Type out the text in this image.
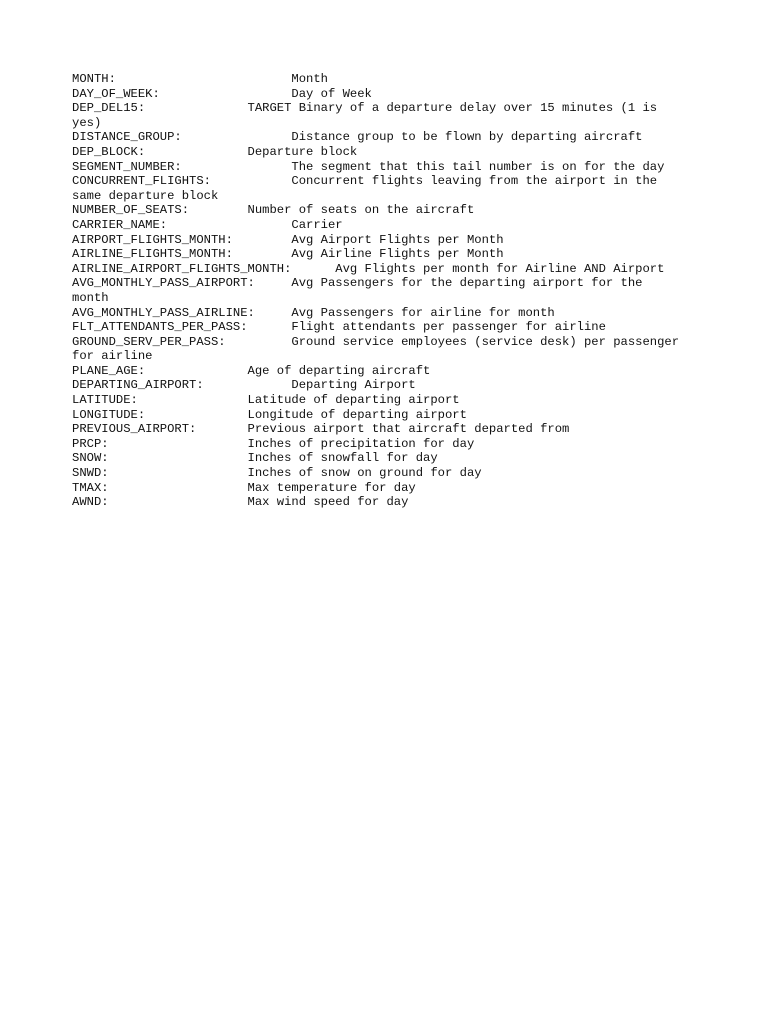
MONTH:                        Month
DAY_OF_WEEK:                  Day of Week
DEP_DEL15:              TARGET Binary of a departure delay over 15 minutes (1 is
yes)
DISTANCE_GROUP:               Distance group to be flown by departing aircraft
DEP_BLOCK:              Departure block
SEGMENT_NUMBER:               The segment that this tail number is on for the day
CONCURRENT_FLIGHTS:           Concurrent flights leaving from the airport in the
same departure block
NUMBER_OF_SEATS:        Number of seats on the aircraft
CARRIER_NAME:                 Carrier
AIRPORT_FLIGHTS_MONTH:        Avg Airport Flights per Month
AIRLINE_FLIGHTS_MONTH:        Avg Airline Flights per Month
AIRLINE_AIRPORT_FLIGHTS_MONTH:      Avg Flights per month for Airline AND Airport
AVG_MONTHLY_PASS_AIRPORT:     Avg Passengers for the departing airport for the
month
AVG_MONTHLY_PASS_AIRLINE:     Avg Passengers for airline for month
FLT_ATTENDANTS_PER_PASS:      Flight attendants per passenger for airline
GROUND_SERV_PER_PASS:         Ground service employees (service desk) per passenger
for airline
PLANE_AGE:              Age of departing aircraft
DEPARTING_AIRPORT:            Departing Airport
LATITUDE:               Latitude of departing airport
LONGITUDE:              Longitude of departing airport
PREVIOUS_AIRPORT:       Previous airport that aircraft departed from
PRCP:                   Inches of precipitation for day
SNOW:                   Inches of snowfall for day
SNWD:                   Inches of snow on ground for day
TMAX:                   Max temperature for day
AWND:                   Max wind speed for day
